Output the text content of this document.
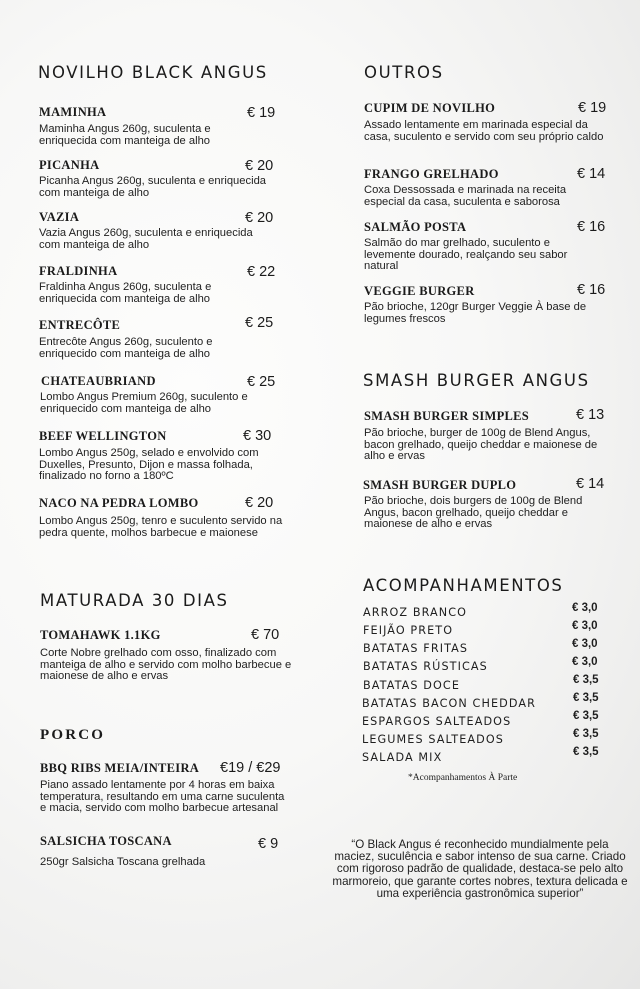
NOVILHO BLACK ANGUS
MAMINHA	€ 19
Maminha Angus 260g, suculenta e enriquecida com manteiga de alho
PICANHA	€ 20
Picanha Angus 260g, suculenta e enriquecida com manteiga de alho
VAZIA	€ 20
Vazia Angus 260g, suculenta e enriquecida com manteiga de alho
FRALDINHA	€ 22
Fraldinha Angus 260g, suculenta e enriquecida com manteiga de alho
ENTRECÔTE	€ 25
Entrecôte Angus 260g, suculento e enriquecido com manteiga de alho
CHATEAUBRIAND	€ 25
Lombo Angus Premium 260g, suculento e enriquecido com manteiga de alho
BEEF WELLINGTON	€ 30
Lombo Angus 250g, selado e envolvido com Duxelles, Presunto, Dijon e massa folhada, finalizado no forno a 180ºC
NACO NA PEDRA LOMBO	€ 20
Lombo Angus 250g, tenro e suculento servido na pedra quente, molhos barbecue e maionese
MATURADA 30 DIAS
TOMAHAWK 1.1KG	€ 70
Corte Nobre grelhado com osso, finalizado com manteiga de alho e servido com molho barbecue e maionese de alho e ervas
PORCO
BBQ RIBS MEIA/INTEIRA €19 / €29
Piano assado lentamente por 4 horas em baixa temperatura, resultando em uma carne suculenta e macia, servido com molho barbecue artesanal
SALSICHA TOSCANA	€ 9
250gr Salsicha Toscana grelhada
OUTROS
CUPIM DE NOVILHO	€ 19
Assado lentamente em marinada especial da casa, suculento e servido com seu próprio caldo
FRANGO GRELHADO	€ 14
Coxa Dessossada e marinada na receita especial da casa, suculenta e saborosa
SALMÃO POSTA	€ 16
Salmão do mar grelhado, suculento e levemente dourado, realçando seu sabor natural
VEGGIE BURGER	€ 16
Pão brioche, 120gr Burger Veggie À base de legumes frescos
SMASH BURGER ANGUS
SMASH BURGER SIMPLES	€ 13
Pão brioche, burger de 100g de Blend Angus, bacon grelhado, queijo cheddar e maionese de alho e ervas
SMASH BURGER DUPLO	€ 14
Pão brioche, dois burgers de 100g de Blend Angus, bacon grelhado, queijo cheddar e maionese de alho e ervas
ACOMPANHAMENTOS
ARROZ BRANCO	€ 3,0
FEIJÃO PRETO	€ 3,0
BATATAS FRITAS	€ 3,0
BATATAS RÚSTICAS	€ 3,0
BATATAS DOCE	€ 3,5
BATATAS BACON CHEDDAR	€ 3,5
ESPARGOS SALTEADOS	€ 3,5
LEGUMES SALTEADOS	€ 3,5
SALADA MIX	€ 3,5
*Acompanhamentos À Parte
“O Black Angus é reconhecido mundialmente pela maciez, suculência e sabor intenso de sua carne. Criado com rigoroso padrão de qualidade, destaca-se pelo alto marmoreio, que garante cortes nobres, textura delicada e uma experiência gastronômica superior”
